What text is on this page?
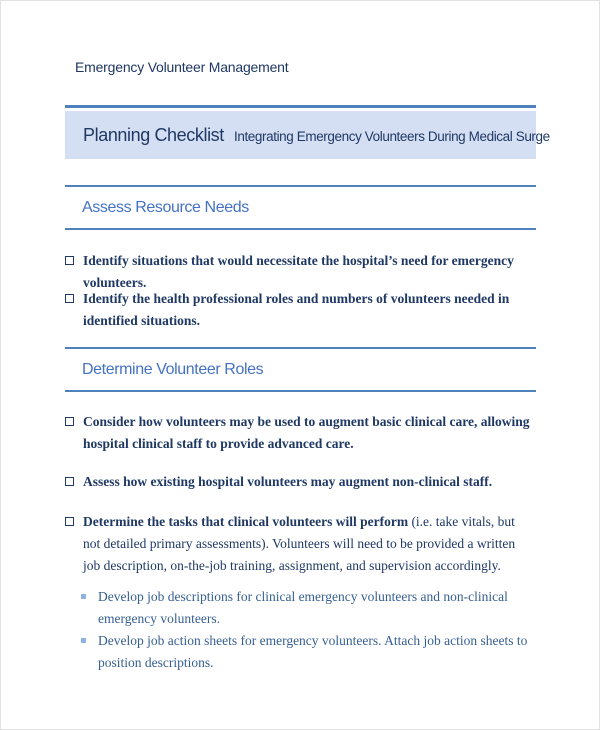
Emergency Volunteer Management
Planning Checklist Integrating Emergency Volunteers During Medical Surge
Assess Resource Needs
Identify situations that would necessitate the hospital’s need for emergency volunteers.
Identify the health professional roles and numbers of volunteers needed in identified situations.
Determine Volunteer Roles
Consider how volunteers may be used to augment basic clinical care, allowing hospital clinical staff to provide advanced care.
Assess how existing hospital volunteers may augment non-clinical staff.
Determine the tasks that clinical volunteers will perform (i.e. take vitals, but not detailed primary assessments). Volunteers will need to be provided a written job description, on-the-job training, assignment, and supervision accordingly.
Develop job descriptions for clinical emergency volunteers and non-clinical emergency volunteers.
Develop job action sheets for emergency volunteers. Attach job action sheets to position descriptions.
